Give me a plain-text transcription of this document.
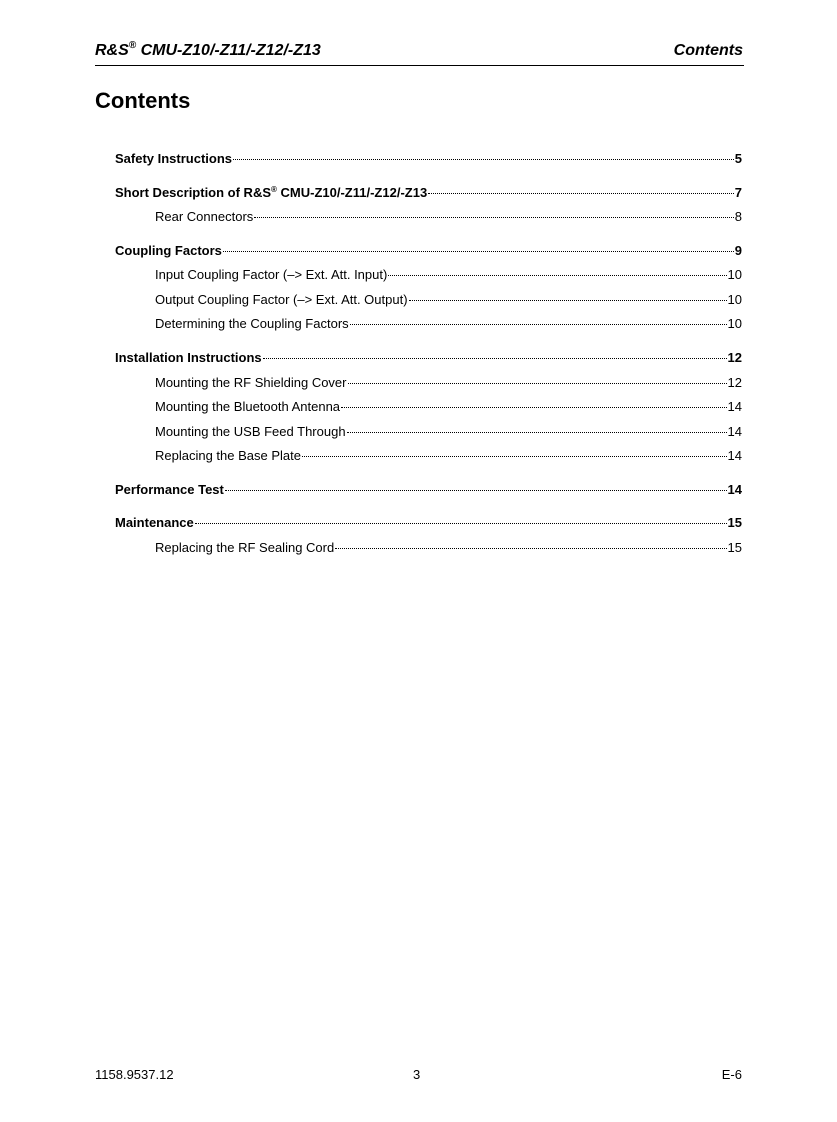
R&S® CMU-Z10/-Z11/-Z12/-Z13	Contents
Contents
Safety Instructions	5
Short Description of R&S® CMU-Z10/-Z11/-Z12/-Z13	7
Rear Connectors	8
Coupling Factors	9
Input Coupling Factor (–> Ext. Att. Input)	10
Output Coupling Factor (–> Ext. Att. Output)	10
Determining the Coupling Factors	10
Installation Instructions	12
Mounting the RF Shielding Cover	12
Mounting the Bluetooth Antenna	14
Mounting the USB Feed Through	14
Replacing the Base Plate	14
Performance Test	14
Maintenance	15
Replacing the RF Sealing Cord	15
1158.9537.12	3	E-6
